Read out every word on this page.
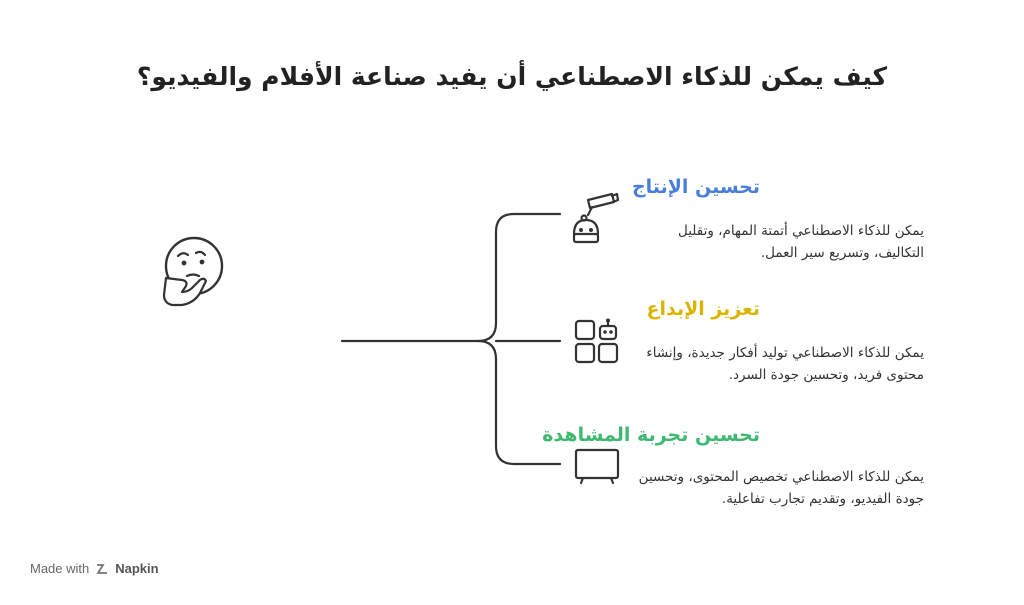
كيف يمكن للذكاء الاصطناعي أن يفيد صناعة الأفلام والفيديو؟
تحسين الإنتاج
يمكن للذكاء الاصطناعي أتمتة المهام، وتقليل التكاليف، وتسريع سير العمل.
تعزيز الإبداع
يمكن للذكاء الاصطناعي توليد أفكار جديدة، وإنشاء محتوى فريد، وتحسين جودة السرد.
تحسين تجربة المشاهدة
يمكن للذكاء الاصطناعي تخصيص المحتوى، وتحسين جودة الفيديو، وتقديم تجارب تفاعلية.
Made with Napkin
